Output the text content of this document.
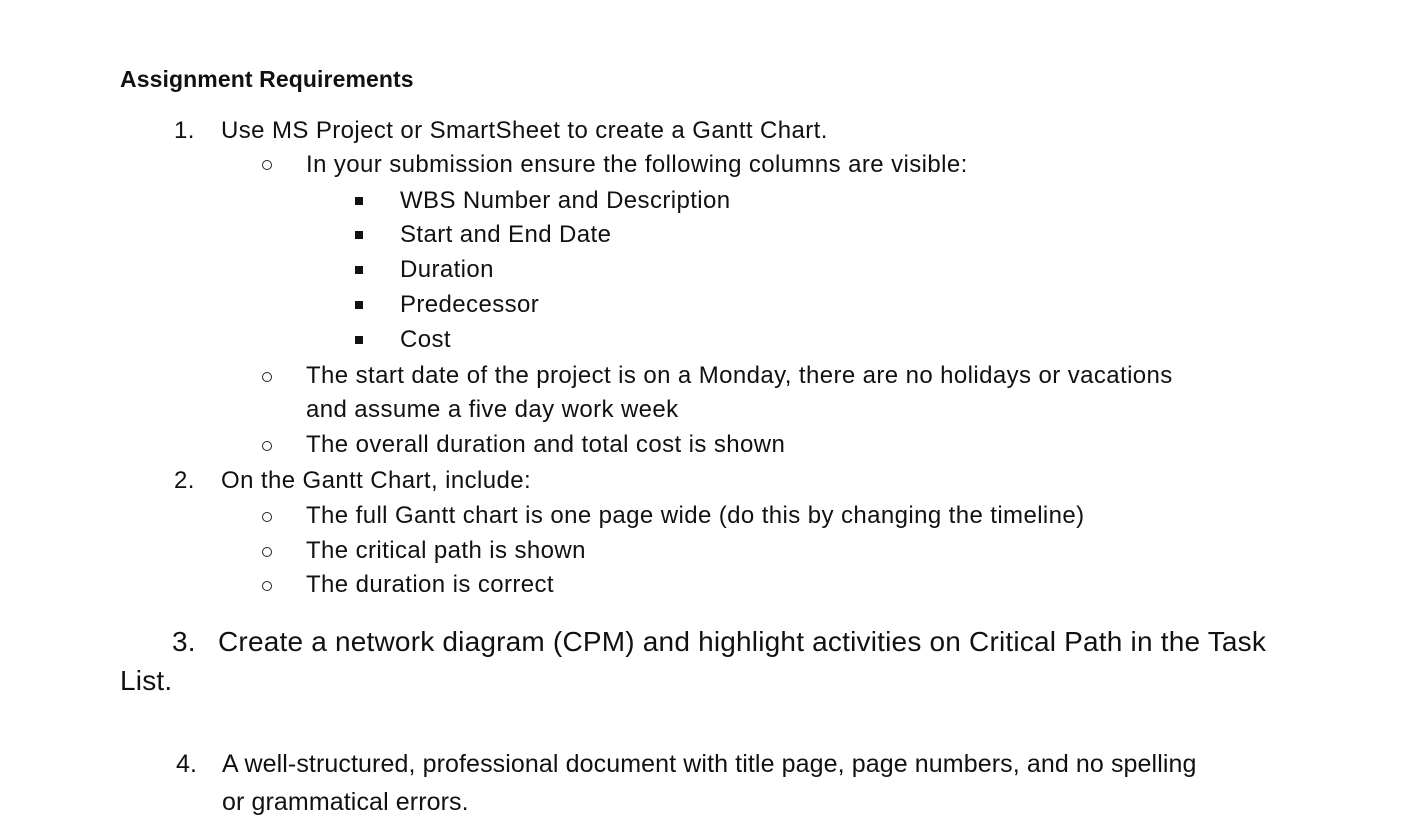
Assignment Requirements
1. Use MS Project or SmartSheet to create a Gantt Chart.
In your submission ensure the following columns are visible:
WBS Number and Description
Start and End Date
Duration
Predecessor
Cost
The start date of the project is on a Monday, there are no holidays or vacations
and assume a five day work week
The overall duration and total cost is shown
2. On the Gantt Chart, include:
The full Gantt chart is one page wide (do this by changing the timeline)
The critical path is shown
The duration is correct
3. Create a network diagram (CPM) and highlight activities on Critical Path in the Task
List.
4. A well-structured, professional document with title page, page numbers, and no spelling
or grammatical errors.
